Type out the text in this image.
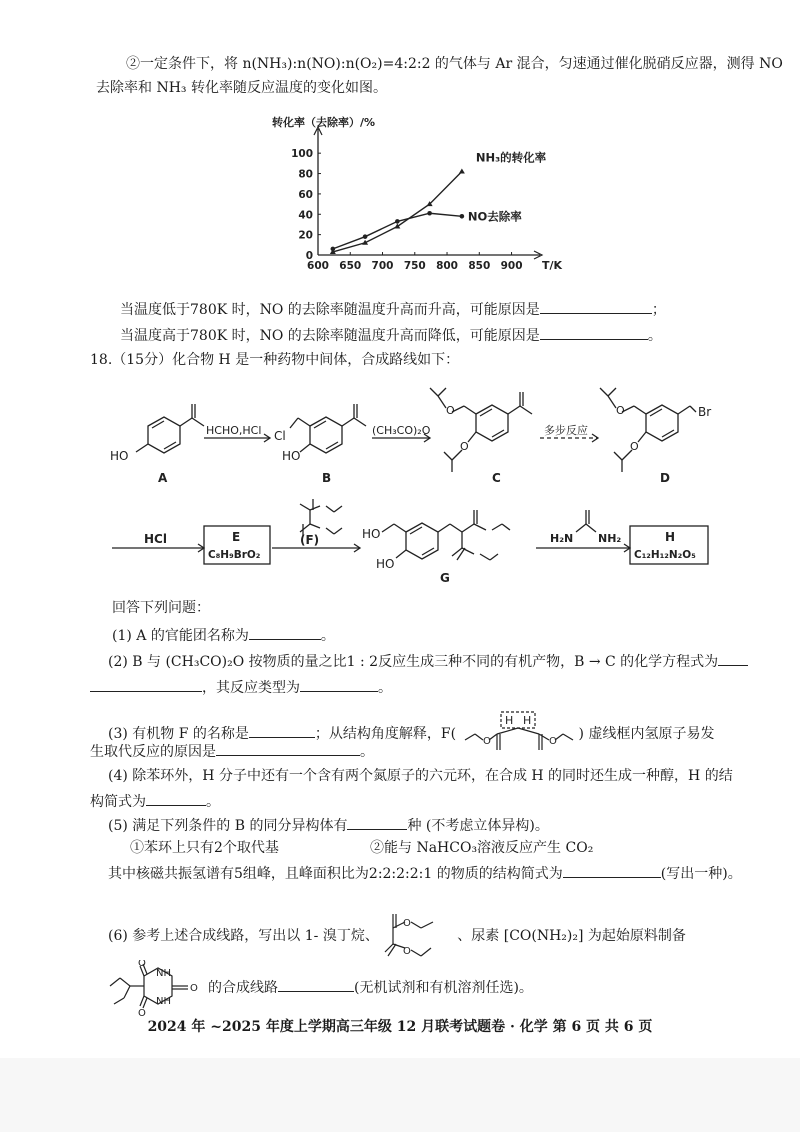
②一定条件下，将 n(NH₃):n(NO):n(O₂)=4:2:2 的气体与 Ar 混合，匀速通过催化脱硝反应器，测得 NO
去除率和 NH₃ 转化率随反应温度的变化如图。
转化率（去除率）/%
T/K
600 650 700 750 800 850 900
0
20
40
60
80
100	NH₃的转化率
NO去除率
当温度低于780K 时，NO 的去除率随温度升高而升高，可能原因是	；
当温度高于780K 时，NO 的去除率随温度升高而降低，可能原因是	。
18.（15分）化合物 H 是一种药物中间体，合成路线如下：
HO
A
HCHO,HCl Cl
HO
B
(CH₃CO)₂O
O
O
C
多步反应
Br
O
O
D
HCl	E
C₈H₉BrO₂
(F)	HO
HO
G
H₂N NH₂	H
C₁₂H₁₂N₂O₅
回答下列问题：
(1) A 的官能团名称为	。
(2) B 与 (CH₃CO)₂O 按物质的量之比1 : 2反应生成三种不同的有机产物，B → C 的化学方程式为
，其反应类型为	。
(3) 有机物 F 的名称是	；从结构角度解释，F(
H H
O	O ) 虚线框内氢原子易发
生取代反应的原因是	。
(4) 除苯环外，H 分子中还有一个含有两个氮原子的六元环，在合成 H 的同时还生成一种醇，H 的结
构简式为	。
(5) 满足下列条件的 B 的同分异构体有	种 (不考虑立体异构)。
①苯环上只有2个取代基	②能与 NaHCO₃溶液反应产生 CO₂
其中核磁共振氢谱有5组峰，且峰面积比为2:2:2:2:1 的物质的结构简式为	(写出一种)。
(6) 参考上述合成线路，写出以 1- 溴丁烷、
O
O
、尿素 [CO(NH₂)₂] 为起始原料制备
NH
NH
O
O
O 的合成线路	(无机试剂和有机溶剂任选)。
2024 年 ~2025 年度上学期高三年级 12 月联考试题卷 · 化学 第 6 页 共 6 页
